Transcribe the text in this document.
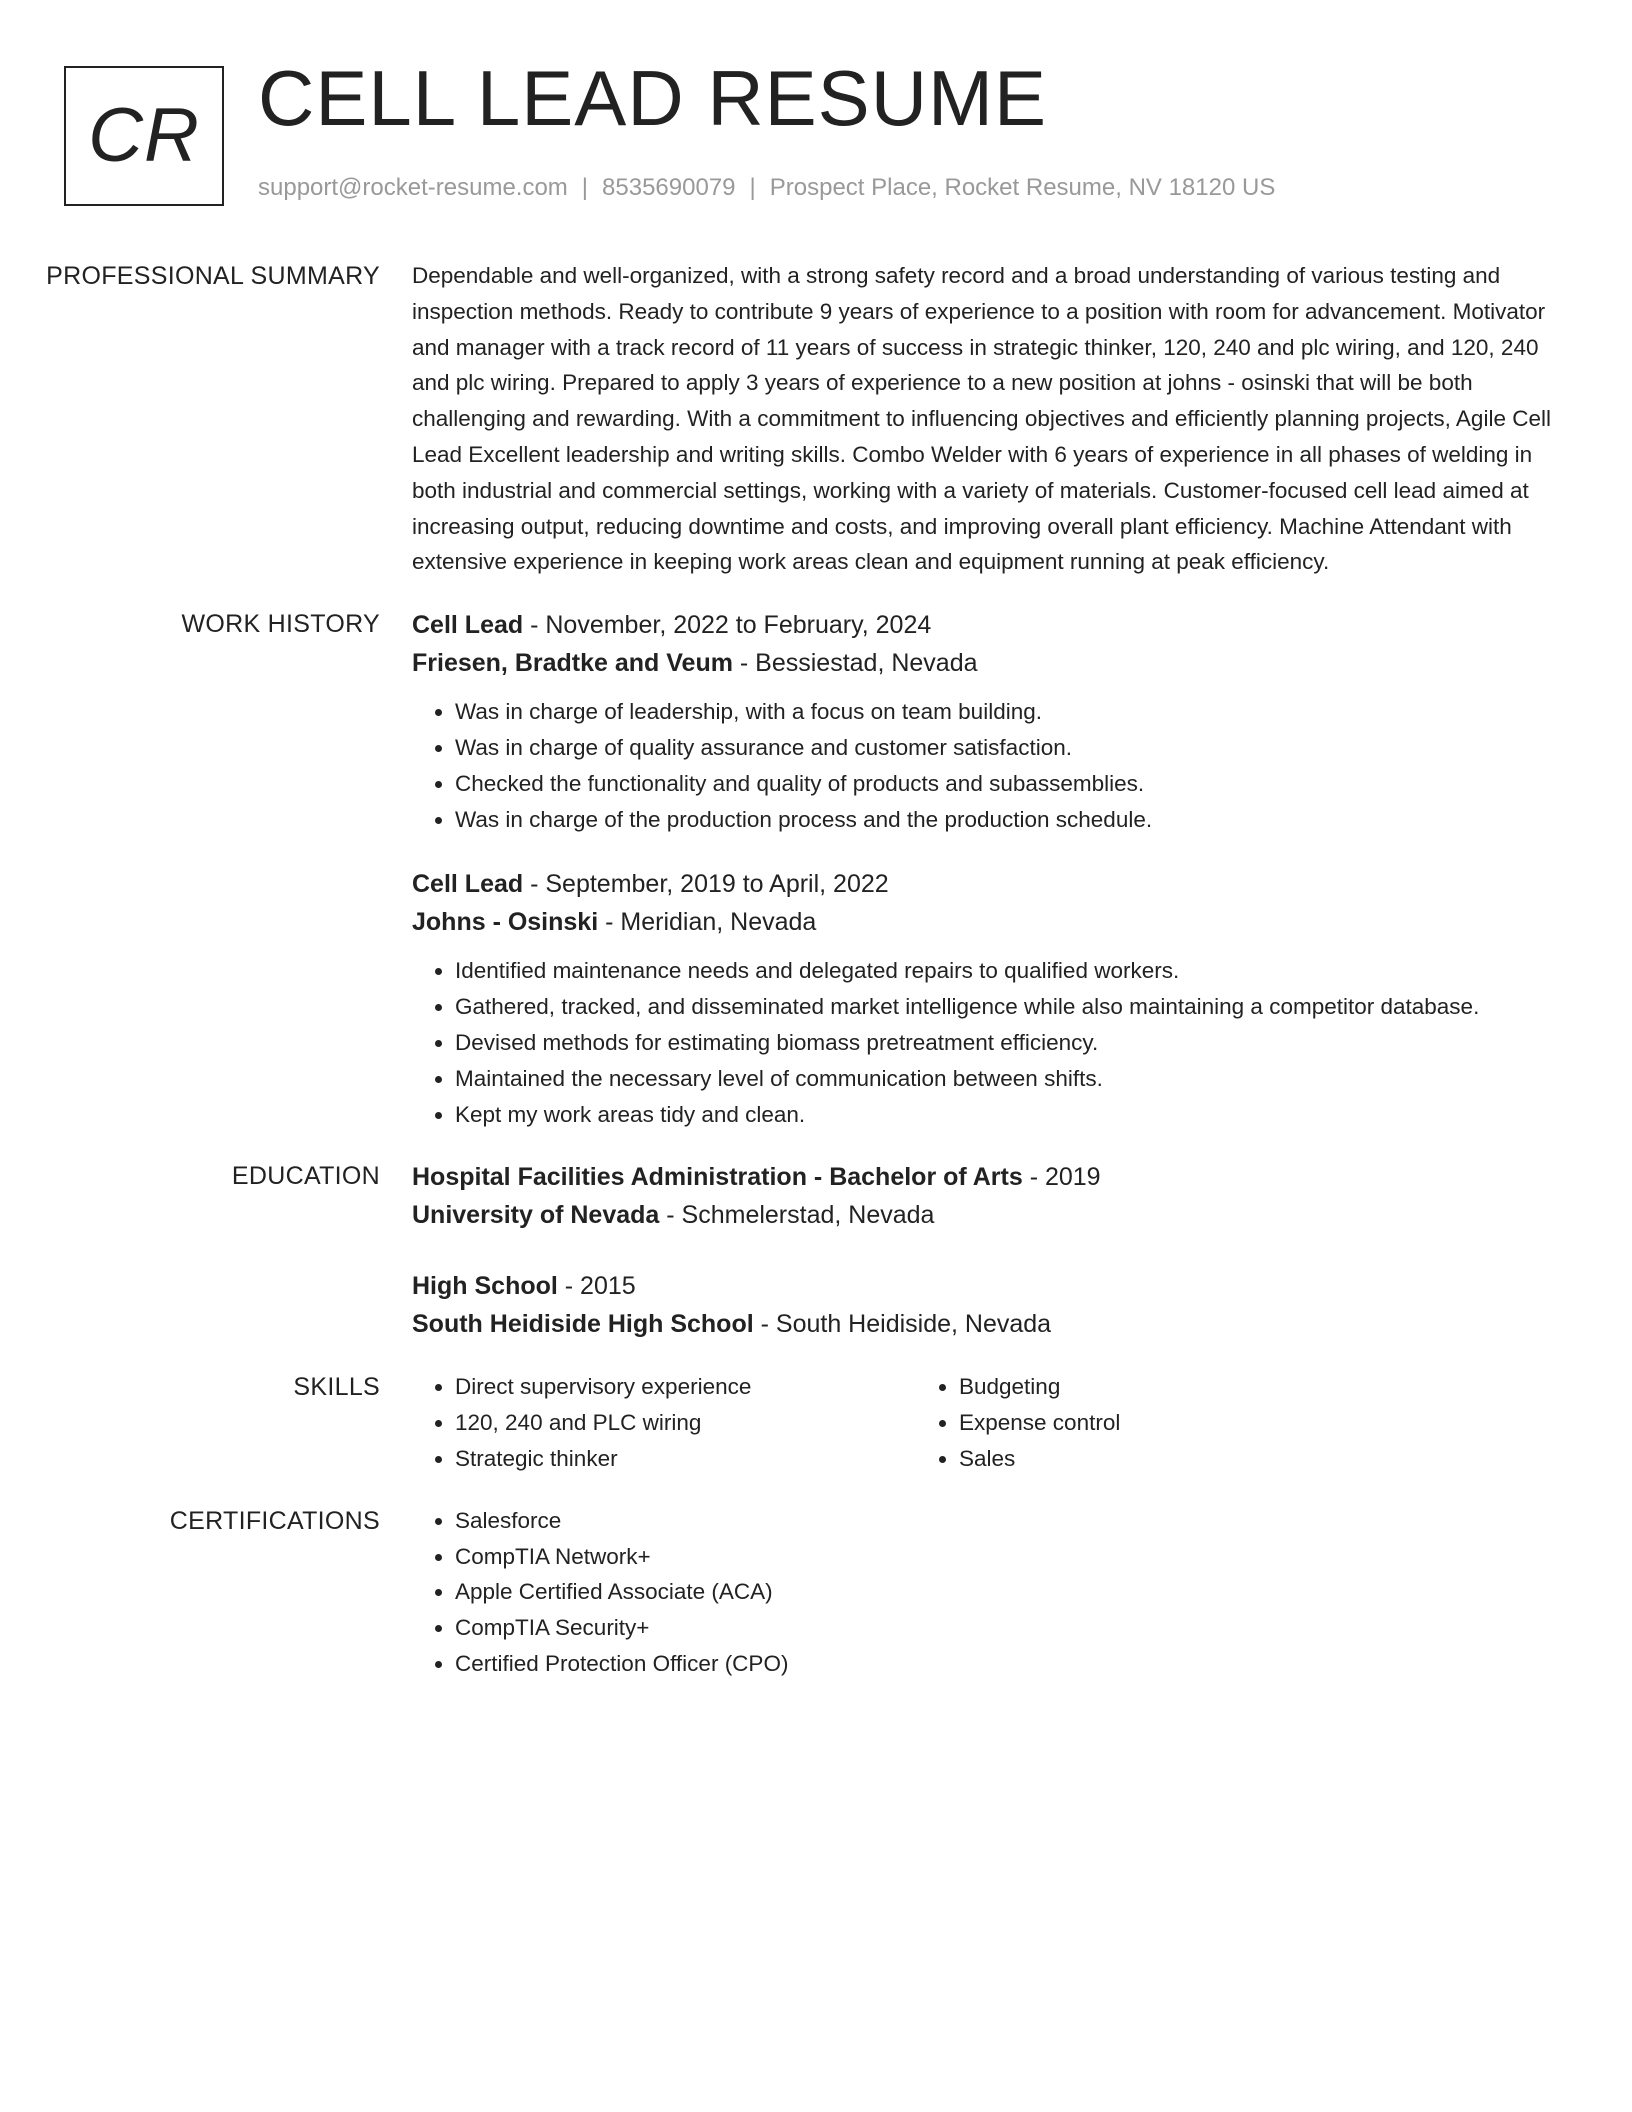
CR CELL LEAD RESUME
support@rocket-resume.com | 8535690079 | Prospect Place, Rocket Resume, NV 18120 US
PROFESSIONAL SUMMARY	Dependable and well-organized, with a strong safety record and a broad understanding of various testing and inspection methods. Ready to contribute 9 years of experience to a position with room for advancement. Motivator and manager with a track record of 11 years of success in strategic thinker, 120, 240 and plc wiring, and 120, 240 and plc wiring. Prepared to apply 3 years of experience to a new position at johns - osinski that will be both challenging and rewarding. With a commitment to influencing objectives and efficiently planning projects, Agile Cell Lead Excellent leadership and writing skills. Combo Welder with 6 years of experience in all phases of welding in both industrial and commercial settings, working with a variety of materials. Customer-focused cell lead aimed at increasing output, reducing downtime and costs, and improving overall plant efficiency. Machine Attendant with extensive experience in keeping work areas clean and equipment running at peak efficiency.

WORK HISTORY	Cell Lead - November, 2022 to February, 2024
Friesen, Bradtke and Veum - Bessiestad, Nevada
• Was in charge of leadership, with a focus on team building.
• Was in charge of quality assurance and customer satisfaction.
• Checked the functionality and quality of products and subassemblies.
• Was in charge of the production process and the production schedule.
Cell Lead - September, 2019 to April, 2022
Johns - Osinski - Meridian, Nevada
• Identified maintenance needs and delegated repairs to qualified workers.
• Gathered, tracked, and disseminated market intelligence while also maintaining a competitor database.
• Devised methods for estimating biomass pretreatment efficiency.
• Maintained the necessary level of communication between shifts.
• Kept my work areas tidy and clean.
EDUCATION	Hospital Facilities Administration - Bachelor of Arts - 2019
University of Nevada - Schmelerstad, Nevada
High School - 2015
South Heidiside High School - South Heidiside, Nevada
SKILLS	• Direct supervisory experience
• 120, 240 and PLC wiring
• Strategic thinker
• Budgeting
• Expense control
• Sales
CERTIFICATIONS	• Salesforce
• CompTIA Network+
• Apple Certified Associate (ACA)
• CompTIA Security+
• Certified Protection Officer (CPO)
